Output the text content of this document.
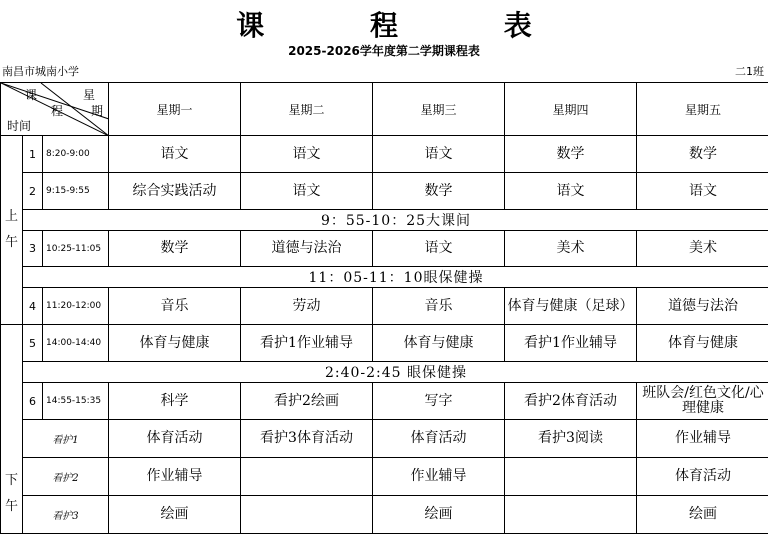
课 程 表
2025-2026学年度第二学期课程表
南昌市城南小学	二1班
课
程
星
期
时间			星期一	星期二	星期三	星期四	星期五
上午	1	8:20-9:00	语文	语文	语文	数学	数学
	2	9:15-9:55	综合实践活动	语文	数学	语文	语文
	9：55-10：25大课间						
	3	10:25-11:05	数学	道德与法治	语文	美术	美术
	11：05-11：10眼保健操						
	4	11:20-12:00	音乐	劳动	音乐	体育与健康（足球）	道德与法治
下午	5	14:00-14:40	体育与健康	看护1作业辅导	体育与健康	看护1作业辅导	体育与健康
	2:40-2:45 眼保健操						
	6	14:55-15:35	科学	看护2绘画	写字	看护2体育活动	班队会/红色文化/心理健康
	看护1		体育活动	看护3体育活动	体育活动	看护3阅读	作业辅导
	看护2		作业辅导		作业辅导		体育活动
	看护3		绘画		绘画		绘画
